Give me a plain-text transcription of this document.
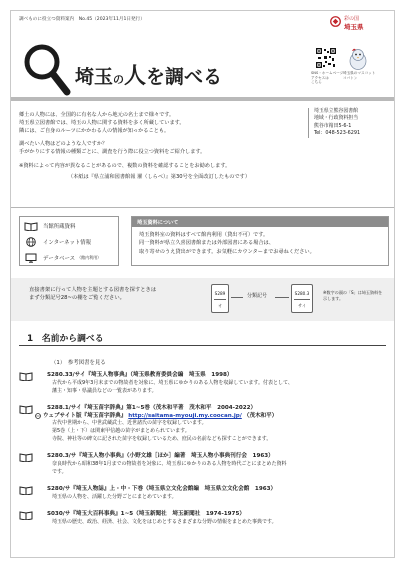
調べものに役立つ資料案内　No.45（2023年11月1日発行）	彩の国
埼玉県
埼玉の人を調べる	SNS・ホームページ
アクセスは
こちら
埼玉県のマスコット
コバトン

郷土の人物には、全国的に有名な人から地元の名士まで様々です。

埼玉県立図書館では、埼玉の人物に関する資料を多く所蔵しています。

隣には、ご自身のルーツにかかわる人の情報が知っかることも。

調べたい人物はどのような人ですか？

手がかりにする情報の種類ごとに、調査を行う際に役立つ資料をご紹介します。

※資料によって内容が異なることがあるので、複数の資料を確認することをお勧めします。

（本紙は『県立浦和図書館報 濯（しらべ）』第30号を全面改訂したものです）

埼玉県立熊谷図書館
地域・行政資料担当
熊谷市箱田5-6-1
Tel：048-523-6291
当館所蔵資料
インターネット情報
データベース （館内利用）
埼玉資料について

埼玉資料室の資料はすべて館内利用（貸出不可）です。

同一資料が県立久喜図書館または外部図書にある場合は、

取り寄せのうえ貸出ができます。お気軽にカウンターまでお尋ねください。

直接書架に行って人物を主題とする図書を探すときは

まず分類記号28~の棚をご覧ください。

S289
オ
分類記号	S280.3
サイ
※数字の頭の「S」は埼玉資料を示します。
1　名前から調べる
（1）　参考図書を見る
S280.33/サイ『埼玉人物事典』（埼玉県教育委員会編　埼玉県　1998）
古代から平成9年3月末までの物故者を対象に、埼玉県にゆかりのある人物を収録しています。付表として、
藩主・知事・県議員などの一覧表があります。
S288.1/サイ『埼玉苗字辞典』第1~5巻（茂木和平著　茂木和平　2004-2022）
ウェブサイト版『埼玉苗字辞典』 http://saitama-myouji.my.coocan.jp/ （茂木和平）
古代中世期から、中世武蔵武士、近世諸氏の苗字を収録しています。
第5巻（上・下）は関東甲信越の苗字がまとめられています。
寺院、神社等の碑文に記された苗字を収録しているため、庶民の名前なども探すことができます。
S280.3/サ『埼玉人物小事典』（小野文雄［ほか］編著　埼玉人物小事典刊行会　1963）
奈良時代から昭和38年1月までの物故者を対象に、埼玉県にゆかりのある人物を時代ごとにまとめた資料
です。
S280/サ『埼玉人物誌』上・中・下巻（埼玉県立文化会館編　埼玉県立文化会館　1963）
埼玉県の人物を、活躍した分野ごとにまとめています。
S030/サ『埼玉大百科事典』1~5（埼玉新聞社　埼玉新聞社　1974-1975）
埼玉県の歴史、政治、経済、社会、文化をはじめとするさまざまな分野の情報をまとめた事典です。
